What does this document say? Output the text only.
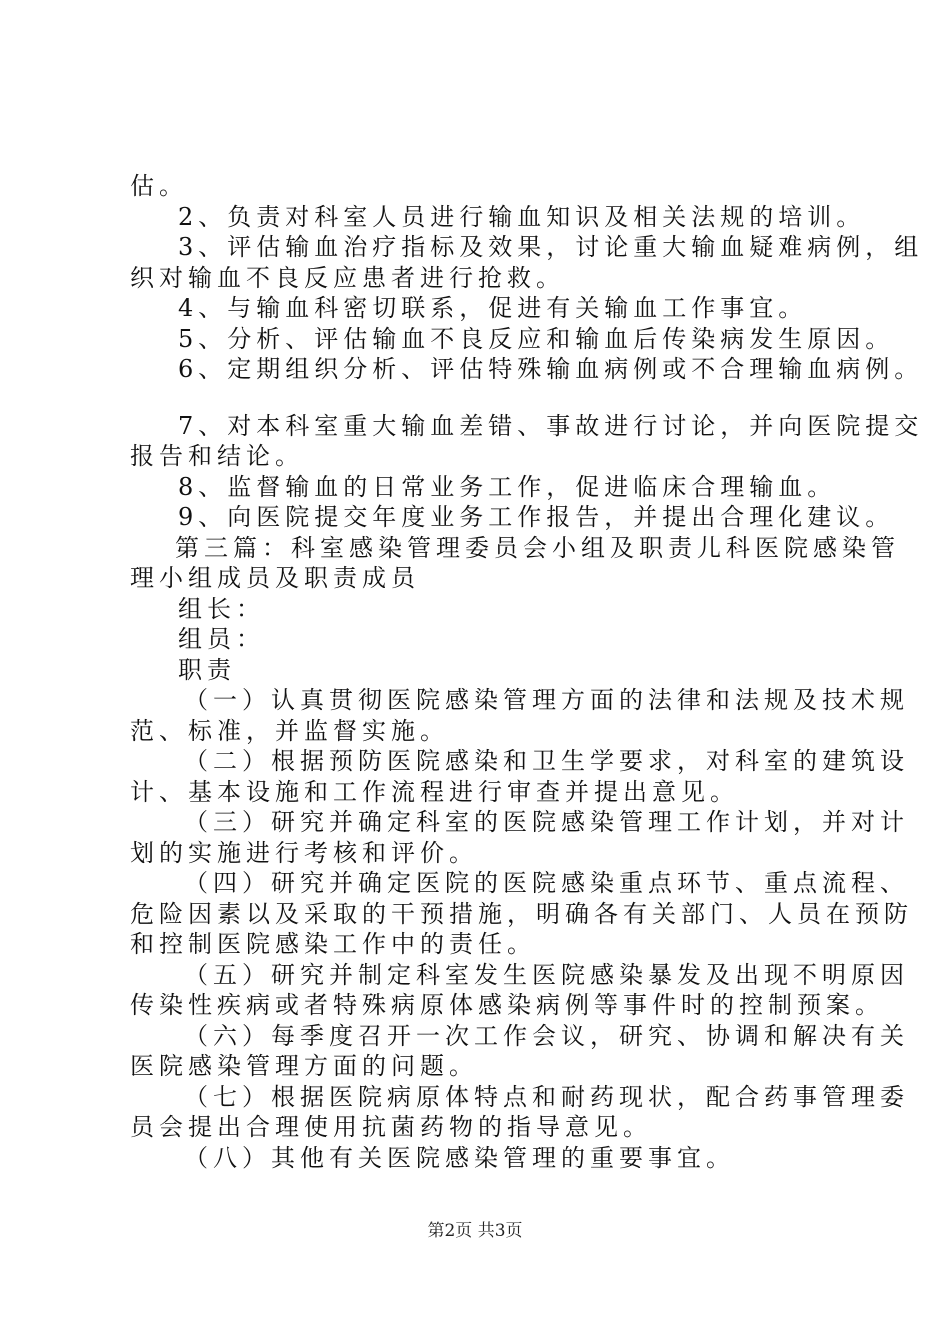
估。

2、负责对科室人员进行输血知识及相关法规的培训。

3、评估输血治疗指标及效果，讨论重大输血疑难病例，组

织对输血不良反应患者进行抢救。

4、与输血科密切联系，促进有关输血工作事宜。

5、分析、评估输血不良反应和输血后传染病发生原因。

6、定期组织分析、评估特殊输血病例或不合理输血病例。

7、对本科室重大输血差错、事故进行讨论，并向医院提交

报告和结论。

8、监督输血的日常业务工作，促进临床合理输血。

9、向医院提交年度业务工作报告，并提出合理化建议。

第三篇：科室感染管理委员会小组及职责儿科医院感染管

理小组成员及职责成员

组长：

组员：

职责

（一）认真贯彻医院感染管理方面的法律和法规及技术规

范、标准，并监督实施。

（二）根据预防医院感染和卫生学要求，对科室的建筑设

计、基本设施和工作流程进行审查并提出意见。

（三）研究并确定科室的医院感染管理工作计划，并对计

划的实施进行考核和评价。

（四）研究并确定医院的医院感染重点环节、重点流程、

危险因素以及采取的干预措施，明确各有关部门、人员在预防

和控制医院感染工作中的责任。

（五）研究并制定科室发生医院感染暴发及出现不明原因

传染性疾病或者特殊病原体感染病例等事件时的控制预案。

（六）每季度召开一次工作会议，研究、协调和解决有关

医院感染管理方面的问题。

（七）根据医院病原体特点和耐药现状，配合药事管理委

员会提出合理使用抗菌药物的指导意见。

（八）其他有关医院感染管理的重要事宜。

第2页 共3页
